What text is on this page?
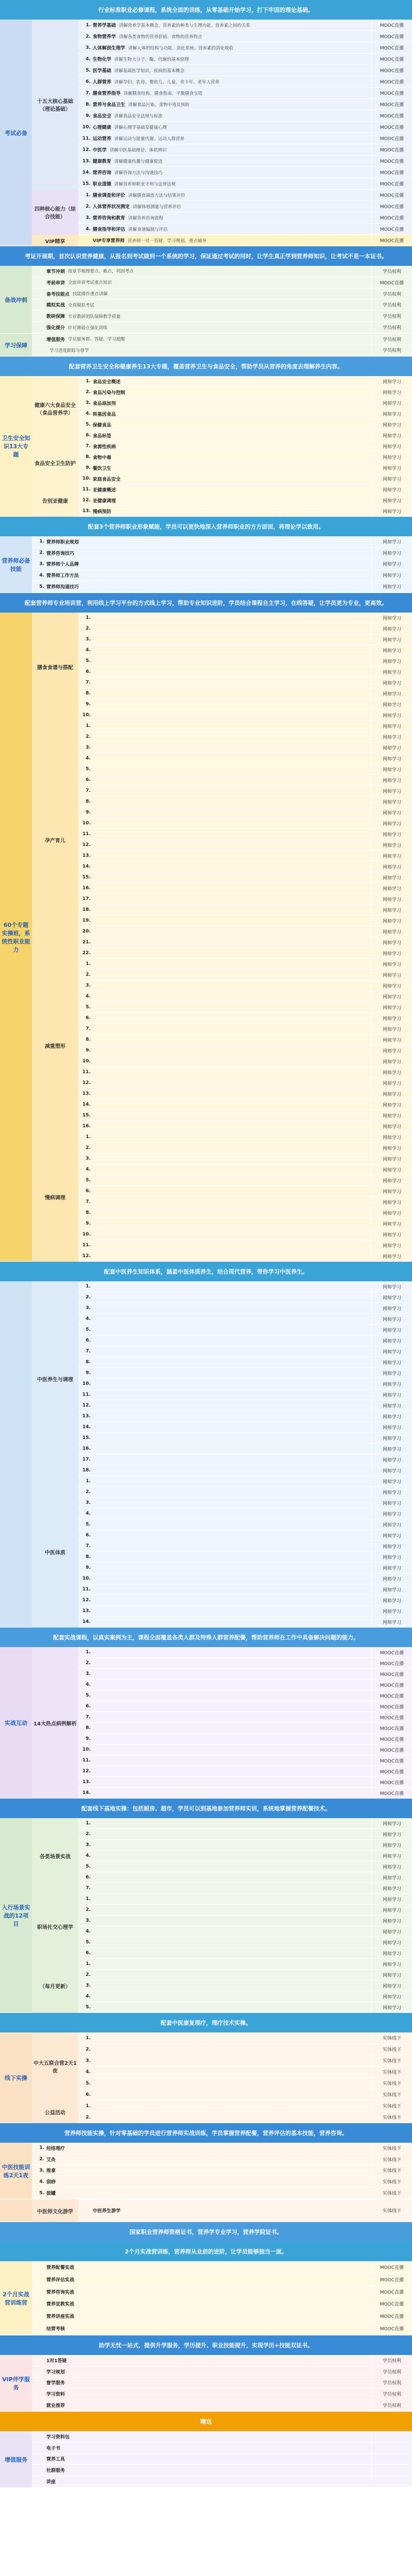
行业标准职业必修课程，系统全面的训练，从零基础开始学习，打下牢固的理论基础。
考试必备
十五大核心基础（理论基础）
1. 营养学基础 讲解营养学基本概念、营养素的种类与生理功能、营养素之间的关系	MOOC直播
2. 食物营养学 讲解各类食物的营养价值、食物的营养特点	MOOC直播
3. 人体解剖生理学 讲解人体的结构与功能、消化系统、营养素的消化吸收	MOOC直播
4. 生物化学 讲解生物大分子、酶、代谢的基本原理	MOOC直播
5. 医学基础 讲解基础医学知识、疾病的基本概念	MOOC直播
6. 人群营养 讲解孕妇、乳母、婴幼儿、儿童、青少年、老年人营养	MOOC直播
7. 膳食营养指导 讲解膳食结构、膳食指南、平衡膳食宝塔	MOOC直播
8. 营养与食品卫生 讲解食品污染、食物中毒及预防	MOOC直播
9. 食品安全 讲解食品安全法规与标准	MOOC直播
10. 心理健康 讲解心理学基础及健康心理	MOOC直播
11. 运动营养 讲解运动与能量代谢、运动人群营养	MOOC直播
12. 中医学 讲解中医基础理论、体质辨识	MOOC直播
13. 健康教育 讲解健康传播与健康促进	MOOC直播
14. 营养咨询 讲解咨询方法与沟通技巧	MOOC直播
15. 职业道德 讲解营养师职业守则与法律法规	MOOC直播
四种核心能力（综合技能）
1. 膳食调查和评价 讲解膳食调查方法与结果评价	MOOC直播
2. 人体营养状况测定 讲解体格测量与营养评价	MOOC直播
3. 营养咨询和教育 讲解营养咨询流程	MOOC直播
4. 膳食指导和评估 讲解食谱编制与评估	MOOC直播
VIP精享	VIP专享营养师 营养师一对一答疑、学习规划、重点辅导	MOOC直播
考证开展期，首次认识营养健康，从报名到考试做到一个系统的学习，保证通过考试的同时，让学生真正学到营养师知识，让考试不是一本证书。
备战冲刺
章节冲刺 按章节梳理重点、难点，巩固考点	学员权利
考前串讲 全面串讲考试重点知识	MOOC直播
备考技能点 技能操作重点讲解	学员权利
模拟实战 全真模拟考试	学员权利
教研保障 专业教研团队保障教学质量	学员权利
强化提分 针对薄弱点强化训练	学员权利
学习保障
增值服务 学员服务群、答疑、学习提醒	学员权利
学习进度跟踪与督学	学员权利
配套营养卫生安全和健康养生13大专题，覆盖营养卫生与食品安全，帮助学员从营养的角度去理解养生内容。
卫生安全知识13大专题
健康六大食品安全（食品营养学）
1. 食品安全概述	网师学习
2. 食品污染与控制	网师学习
3. 食品添加剂	网师学习
4. 转基因食品	网师学习
5. 保健食品	网师学习
6. 食品标签	网师学习
食品安全卫生防护
7. 食源性疾病	网师学习
8. 食物中毒	网师学习
9. 餐饮卫生	网师学习
10. 家庭食品安全	网师学习
告别亚健康
11. 亚健康概述	网师学习
12. 亚健康调理	网师学习
13. 慢病预防	网师学习
配套3个营养师职业形象赋能，学员可以更快地深入营养师职业的方方面面，将理论学以致用。
营养师必备技能
1. 营养师职业规划	网师学习
2. 营养咨询技巧	网师学习
3. 营养师个人品牌	网师学习
4. 营养师工作方法	网师学习
5. 营养师沟通技巧	网师学习
配套营养师专业培训营，利用线上学习平台的方式线上学习，帮助专业知识进阶，学员结合课程自主学习，在线答疑，让学员更为专业，更高效。
60个专题实操班，系统性职业能力
膳食食谱与搭配
1.	网师学习
2.	网师学习
3.	网师学习
4.	网师学习
5.	网师学习
6.	网师学习
7.	网师学习
8.	网师学习
9.	网师学习
10.	网师学习
孕产育儿
1.	网师学习
2.	网师学习
3.	网师学习
4.	网师学习
5.	网师学习
6.	网师学习
7.	网师学习
8.	网师学习
9.	网师学习
10.	网师学习
11.	网师学习
12.	网师学习
13.	网师学习
14.	网师学习
15.	网师学习
16.	网师学习
17.	网师学习
18.	网师学习
19.	网师学习
20.	网师学习
21.	网师学习
22.	网师学习
减重塑形
1.	网师学习
2.	网师学习
3.	网师学习
4.	网师学习
5.	网师学习
6.	网师学习
7.	网师学习
8.	网师学习
9.	网师学习
10.	网师学习
11.	网师学习
12.	网师学习
13.	网师学习
14.	网师学习
15.	网师学习
16.	网师学习
慢病调理
1.	网师学习
2.	网师学习
3.	网师学习
4.	网师学习
5.	网师学习
6.	网师学习
7.	网师学习
8.	网师学习
9.	网师学习
10.	网师学习
11.	网师学习
12.	网师学习
配套中医养生知识体系，涵盖中医体质养生，结合现代营养，带你学习中医养生。
中医养生与调理
1.	网师学习
2.	网师学习
3.	网师学习
4.	网师学习
5.	网师学习
6.	网师学习
7.	网师学习
8.	网师学习
9.	网师学习
10.	网师学习
11.	网师学习
12.	网师学习
13.	网师学习
14.	网师学习
15.	网师学习
16.	网师学习
17.	网师学习
18.	网师学习
中医体质
1.	网师学习
2.	网师学习
3.	网师学习
4.	网师学习
5.	网师学习
6.	网师学习
7.	网师学习
8.	网师学习
9.	网师学习
10.	网师学习
11.	网师学习
12.	网师学习
13.	网师学习
14.	网师学习
配套实战课程，以真实案例为主，课程全面覆盖各类人群及特殊人群营养配餐，帮助营养师在工作中具备解决问题的能力。
实战互动	14大热点病例解析
1.	MOOC直播
2.	MOOC直播
3.	MOOC直播
4.	MOOC直播
5.	MOOC直播
6.	MOOC直播
7.	MOOC直播
8.	MOOC直播
9.	MOOC直播
10.	MOOC直播
11.	MOOC直播
12.	MOOC直播
13.	MOOC直播
14.	MOOC直播
配套线下基地实操：包括厨房、超市，学员可以到基地参加营养师实训，系统地掌握营养配餐技术。
入行场景实战的12项目
各类场景实战
1.	网师学习
2.	网师学习
3.	网师学习
4.	网师学习
5.	网师学习
6.	网师学习
7.	网师学习
职场社交心理学
1.	网师学习
2.	网师学习
3.	网师学习
4.	网师学习
5.	网师学习
6.	网师学习
（每月更新）
1.	网师学习
2.	网师学习
3.	网师学习
4.	网师学习
5.	网师学习
配套中医康复理疗，理疗技术实操。
线下实操
中大五联合营2天1夜
1.	实体线下
2.	实体线下
3.	实体线下
4.	实体线下
5.	实体线下
6.	实体线下
公益活动
1.	实体线下
2.	实体线下
营养师技能实操，针对零基础的学员进行营养师实战训练，学员掌握营养配餐，营养评估的基本技能，营养咨询。
中医技能训练2天1夜
1. 经络理疗	实体线下
2. 艾灸	实体线下
3. 推拿	实体线下
4. 刮痧	实体线下
5. 拔罐	实体线下
中医师文化游学	中医养生游学	实体线下
国家职业营养师资格证书，营养学专业学习，营养学院证书。
2个月实战营训练，营养师从业前的进阶，让学员能够独当一面。
2个月实战营训练营
营养配餐实战	MOOC直播
营养评估实战	MOOC直播
营养咨询实战	MOOC直播
营养宣教实战	MOOC直播
营养讲座实战	MOOC直播
结营考核	MOOC直播
助学无忧一站式，提供升学服务，学历提升、职业技能提升，实现学历+技能双证书。
VIP伴学服务
1对1答疑	学员权利
学习规划	学员权利
督学服务	学员权利
学习资料	学员权利
就业推荐	学员权利
赠送
增值服务
学习资料包
电子书
营养工具
社群服务
讲座
